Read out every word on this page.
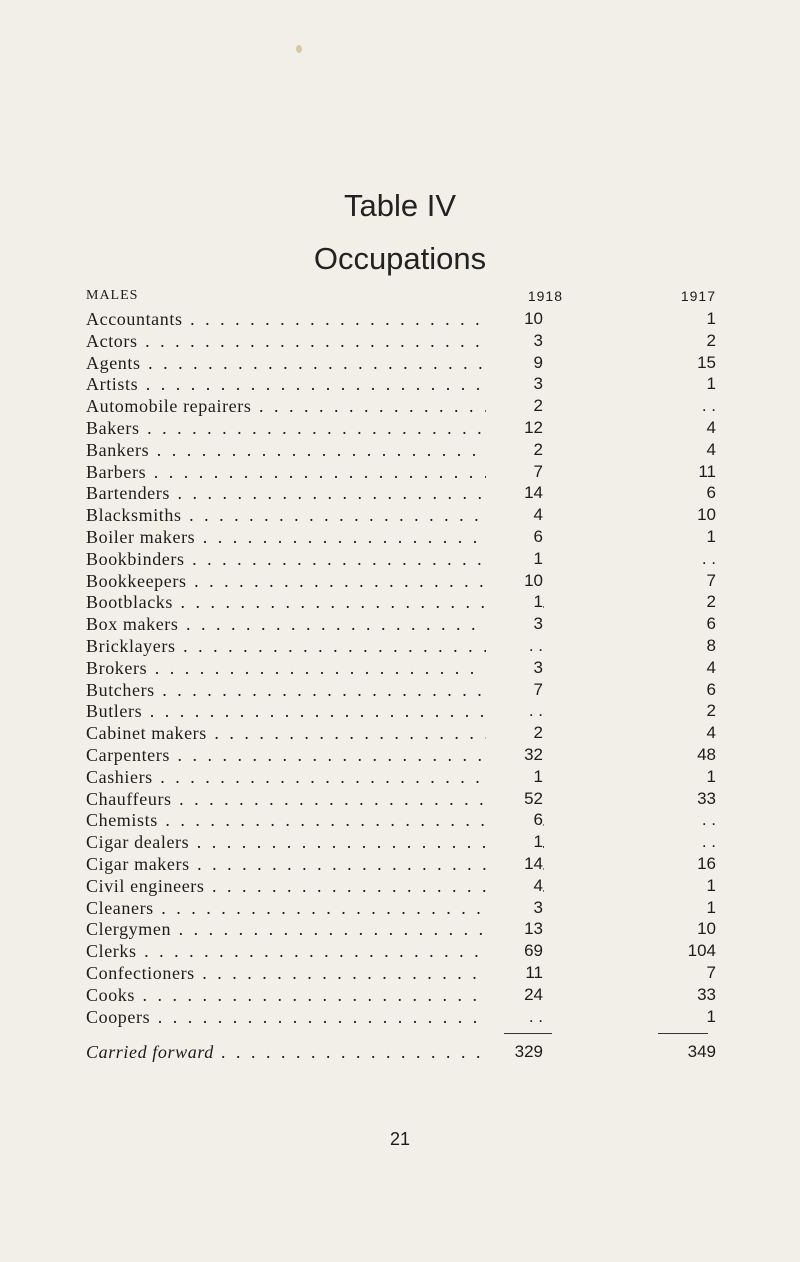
Table IV
Occupations
MALES	1918	1917
Accountants . . .	10	1
Actors . . .	3	2
Agents . . .	9	15
Artists . . .	3	1
Automobile repairers . . .	2	. .
Bakers . . .	12	4
Bankers . . .	2	4
Barbers . . .	7	11
Bartenders . . .	14	6
Blacksmiths . . .	4	10
Boiler makers . . .	6	1
Bookbinders . . .	1	. .
Bookkeepers . . .	10	7
Bootblacks . . .	1	2
Box makers . . .	3	6
Bricklayers . . .	. .	8
Brokers . . .	3	4
Butchers . . .	7	6
Butlers . . .	. .	2
Cabinet makers . . .	2	4
Carpenters . . .	32	48
Cashiers . . .	1	1
Chauffeurs . . .	52	33
Chemists . . .	6	. .
Cigar dealers . . .	1	. .
Cigar makers . . .	14	16
Civil engineers . . .	4	1
Cleaners . . .	3	1
Clergymen . . .	13	10
Clerks . . .	69	104
Confectioners . . .	11	7
Cooks . . .	24	33
Coopers . . .	. .	1
Carried forward . . .	329	349
21
